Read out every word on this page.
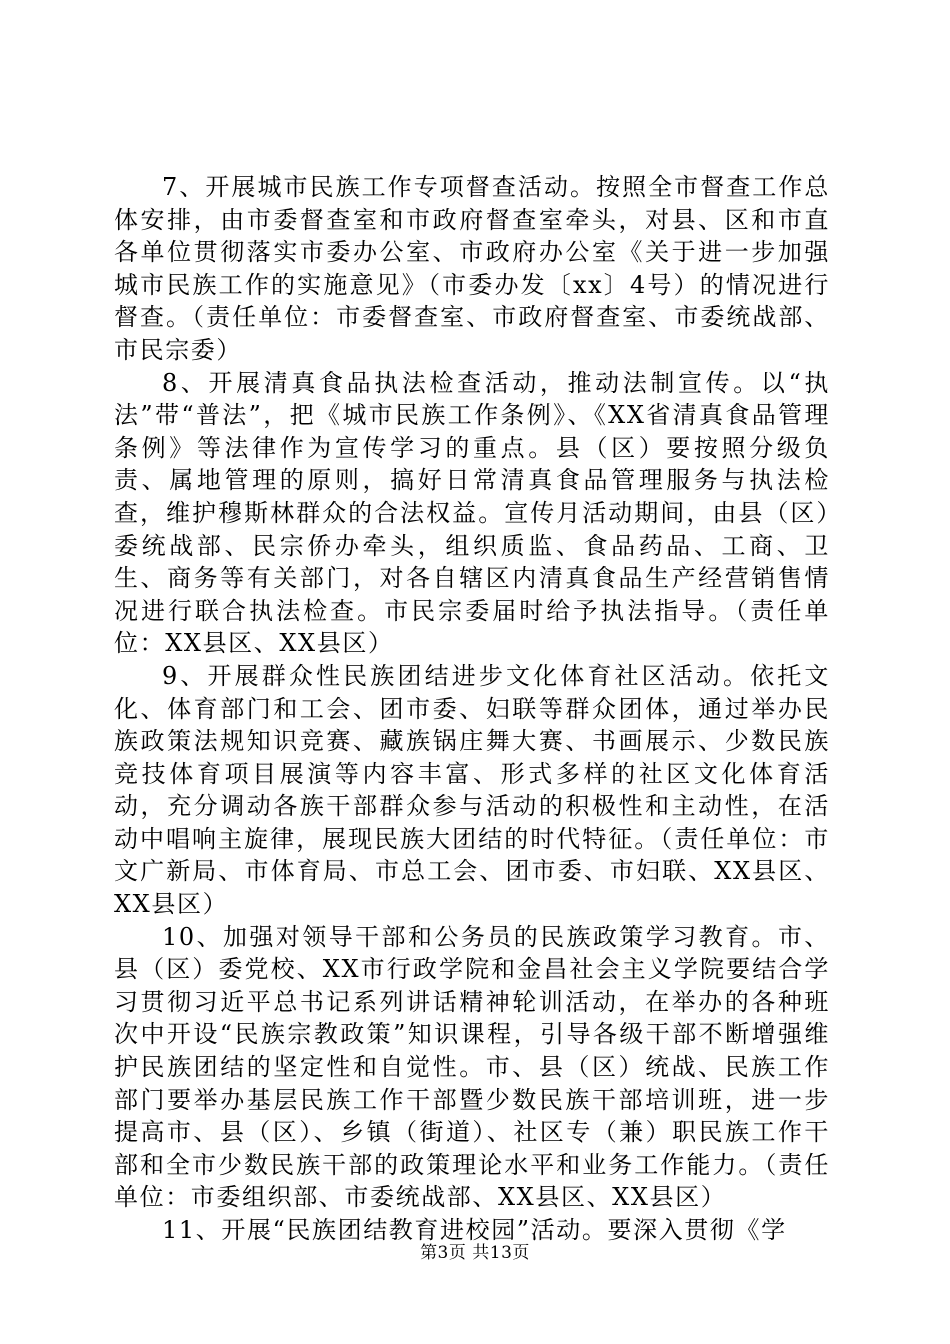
7、开展城市民族工作专项督查活动。按照全市督查工作总体安排，由市委督查室和市政府督查室牵头，对县、区和市直各单位贯彻落实市委办公室、市政府办公室《关于进一步加强城市民族工作的实施意见》（市委办发〔xx〕4号）的情况进行督查。（责任单位：市委督查室、市政府督查室、市委统战部、市民宗委）

8、开展清真食品执法检查活动，推动法制宣传。以“执法”带“普法”，把《城市民族工作条例》、《XX省清真食品管理条例》等法律作为宣传学习的重点。县（区）要按照分级负责、属地管理的原则，搞好日常清真食品管理服务与执法检查，维护穆斯林群众的合法权益。宣传月活动期间，由县（区）委统战部、民宗侨办牵头，组织质监、食品药品、工商、卫生、商务等有关部门，对各自辖区内清真食品生产经营销售情况进行联合执法检查。市民宗委届时给予执法指导。（责任单位：XX县区、XX县区）

9、开展群众性民族团结进步文化体育社区活动。依托文化、体育部门和工会、团市委、妇联等群众团体，通过举办民族政策法规知识竞赛、藏族锅庄舞大赛、书画展示、少数民族竞技体育项目展演等内容丰富、形式多样的社区文化体育活动，充分调动各族干部群众参与活动的积极性和主动性，在活动中唱响主旋律，展现民族大团结的时代特征。（责任单位：市文广新局、市体育局、市总工会、团市委、市妇联、XX县区、XX县区）

10、加强对领导干部和公务员的民族政策学习教育。市、县（区）委党校、XX市行政学院和金昌社会主义学院要结合学习贯彻习近平总书记系列讲话精神轮训活动，在举办的各种班次中开设“民族宗教政策”知识课程，引导各级干部不断增强维护民族团结的坚定性和自觉性。市、县（区）统战、民族工作部门要举办基层民族工作干部暨少数民族干部培训班，进一步提高市、县（区）、乡镇（街道）、社区专（兼）职民族工作干部和全市少数民族干部的政策理论水平和业务工作能力。（责任单位：市委组织部、市委统战部、XX县区、XX县区）

11、开展“民族团结教育进校园”活动。要深入贯彻《学

第3页 共13页
